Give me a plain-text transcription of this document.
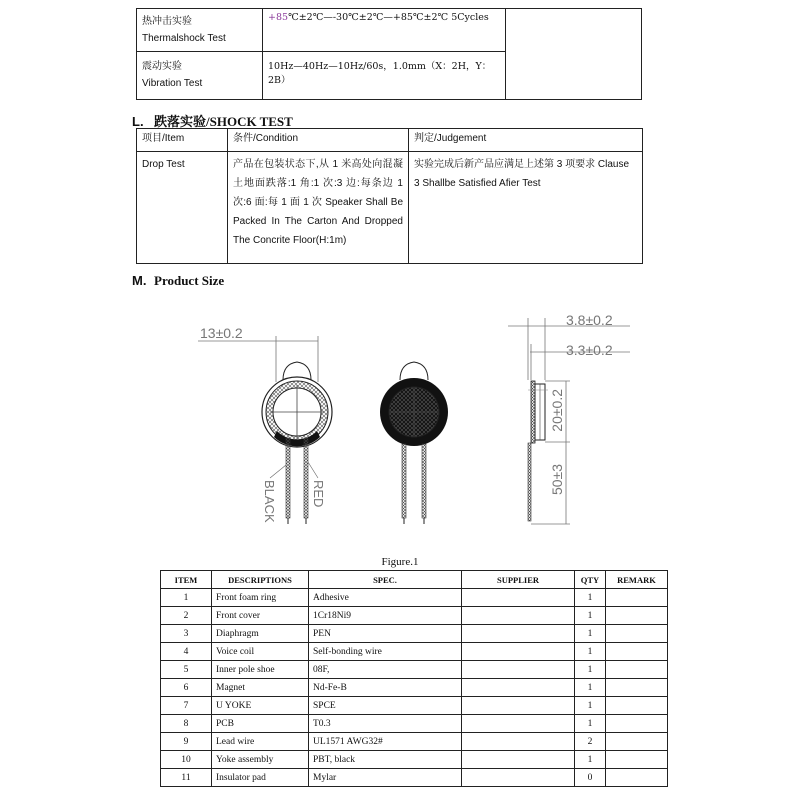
热冲击实验
Thermalshock Test	+85℃±2℃—-30℃±2℃—+85℃±2℃ 5Cycles	

震动实验
Vibration Test	10Hz—40Hz—10Hz/60s，1.0mm（X：2H，Y：2B）	
L. 跌落实验/SHOCK TEST
项目/Item	条件/Condition	判定/Judgement
Drop Test	产品在包装状态下,从 1 米高处向混凝土地面跌落:1 角:1 次:3 边:每条边 1 次:6 面:每 1 面 1 次 Speaker Shall Be Packed In The Carton And Dropped The Concrite Floor(H:1m)	实验完成后新产品应满足上述第 3 项要求 Clause 3 Shallbe Satisfied Afier Test
M. Product Size
13±0.2
BLACK	RED
3.8±0.2
3.3±0.2
20±0.2
50±3
Figure.1
ITEM	DESCRIPTIONS	SPEC.	SUPPLIER	QTY	REMARK
1	Front foam ring	Adhesive		1	
2	Front cover	1Cr18Ni9		1	
3	Diaphragm	PEN		1	
4	Voice coil	Self-bonding wire		1	
5	Inner pole shoe	08F,		1	
6	Magnet	Nd-Fe-B		1	
7	U YOKE	SPCE		1	
8	PCB	T0.3		1	
9	Lead wire	UL1571 AWG32#		2	
10	Yoke assembly	PBT, black		1	
11	Insulator pad	Mylar		0	
